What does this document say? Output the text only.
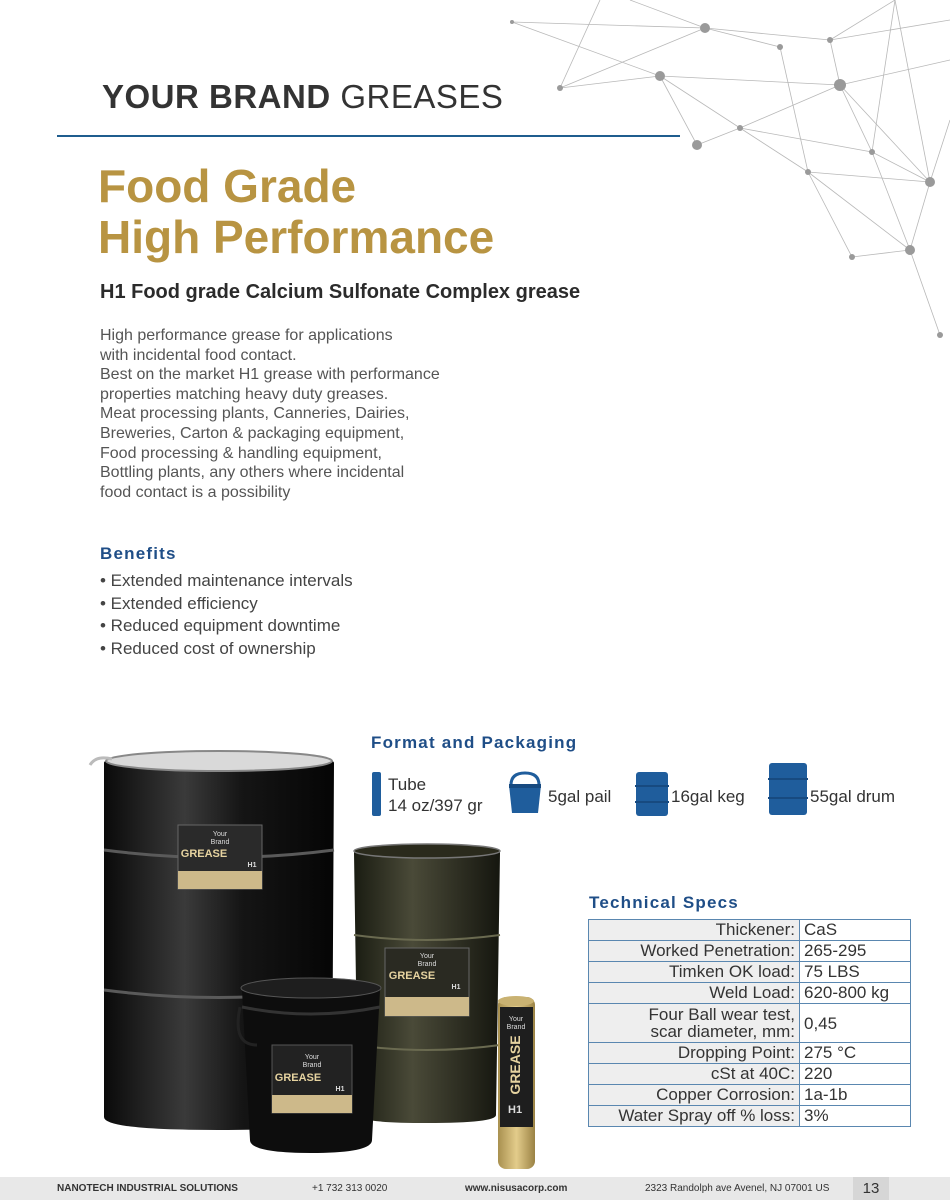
YOUR BRAND GREASES
Food Grade
High Performance
H1 Food grade Calcium Sulfonate Complex grease
High performance grease for applications
with incidental food contact.
Best on the market H1 grease with performance
properties matching heavy duty greases.
Meat processing plants, Canneries, Dairies,
Breweries, Carton & packaging equipment,
Food processing & handling equipment,
Bottling plants, any others where incidental
food contact is a possibility
Benefits
• Extended maintenance intervals
• Extended efficiency
• Reduced equipment downtime
• Reduced cost of ownership
Your
Brand
GREASE
H1
Your
Brand
GREASE
H1
Your
Brand
GREASE
H1
Your
Brand
GREASE
H1
Format and Packaging
Tube
14 oz/397 gr	5gal pail	16gal keg	55gal drum
Technical Specs
Thickener:	CaS
Worked Penetration:	265-295
Timken OK load:	75 LBS
Weld Load:	620-800 kg

Four Ball wear test,
scar diameter, mm:	0,45
Dropping Point:	275 °C
cSt at 40C:	220
Copper Corrosion:	1a-1b
Water Spray off % loss:	3%
NANOTECH INDUSTRIAL SOLUTIONS	+1 732 313 0020	www.nisusacorp.com	2323 Randolph ave Avenel, NJ 07001 US	13
